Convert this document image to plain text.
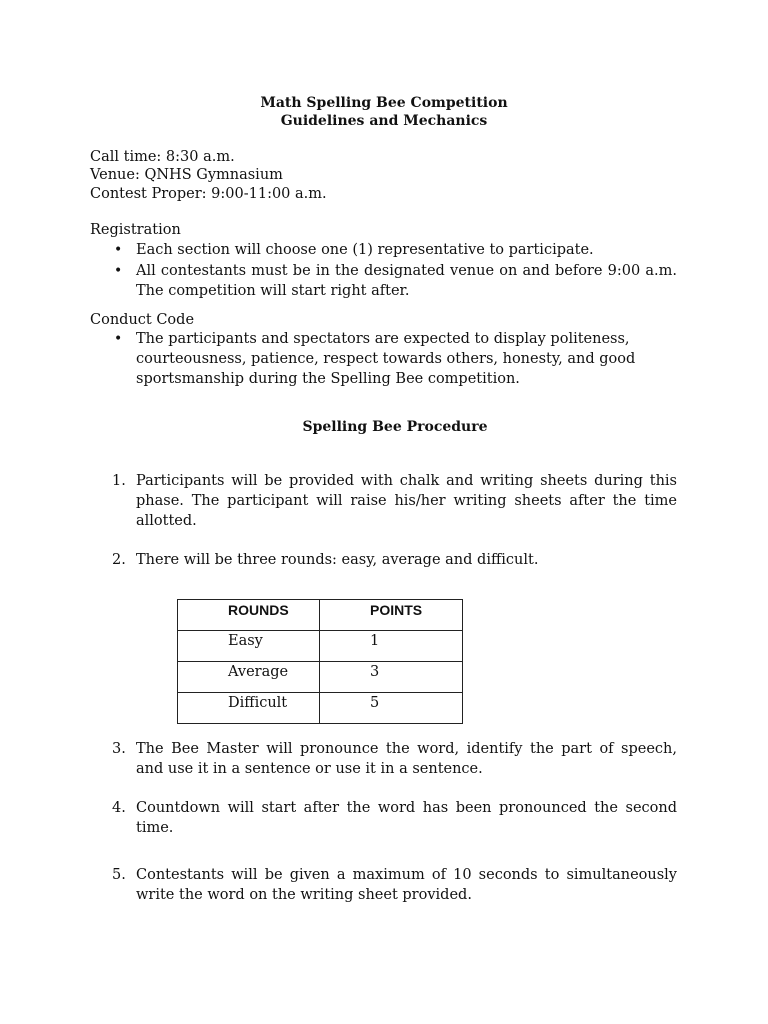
Math Spelling Bee Competition
Guidelines and Mechanics
Call time: 8:30 a.m.
Venue: QNHS Gymnasium
Contest Proper: 9:00-11:00 a.m.
Registration
• Each section will choose one (1) representative to participate.
• All contestants must be in the designated venue on and before 9:00 a.m. The competition will start right after.
Conduct Code
• The participants and spectators are expected to display politeness, courteousness, patience, respect towards others, honesty, and good sportsmanship during the Spelling Bee competition.
Spelling Bee Procedure
1. Participants will be provided with chalk and writing sheets during this phase. The participant will raise his/her writing sheets after the time allotted.
2. There will be three rounds: easy, average and difficult.
ROUNDS	POINTS
Easy	1
Average	3
Difficult	5
3. The Bee Master will pronounce the word, identify the part of speech, and use it in a sentence or use it in a sentence.
4. Countdown will start after the word has been pronounced the second time.
5. Contestants will be given a maximum of 10 seconds to simultaneously write the word on the writing sheet provided.
